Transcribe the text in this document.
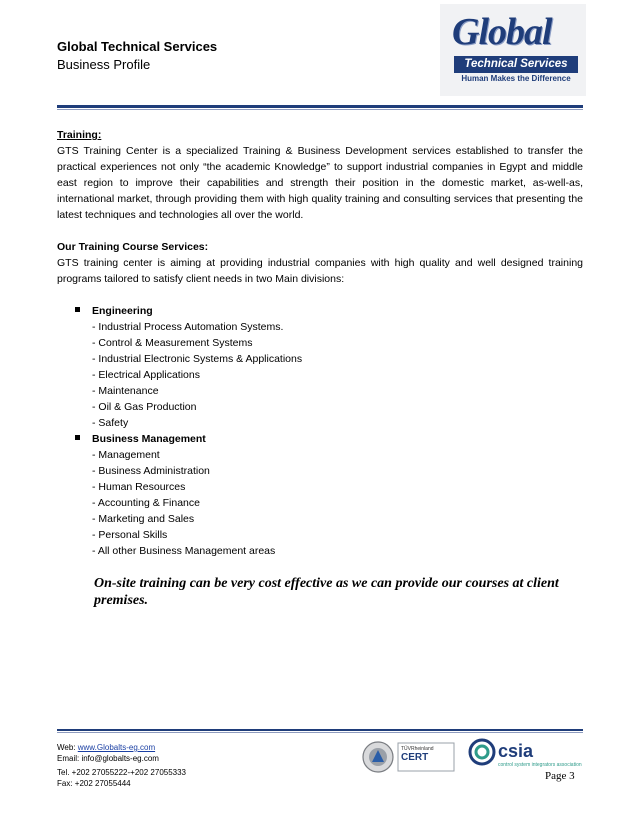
Global Technical Services
Business Profile
Global
Technical Services
Human Makes the Difference
Training:
GTS Training Center is a specialized Training & Business Development services established to transfer the practical experiences not only “the academic Knowledge” to support industrial companies in Egypt and middle east region to improve their capabilities and strength their position in the domestic market, as-well-as, international market, through providing them with high quality training and consulting services that presenting the latest techniques and technologies all over the world.
Our Training Course Services:
GTS training center is aiming at providing industrial companies with high quality and well designed training programs tailored to satisfy client needs in two Main divisions:
Engineering
- Industrial Process Automation Systems.
- Control & Measurement Systems
- Industrial Electronic Systems & Applications
- Electrical Applications
- Maintenance
- Oil & Gas Production
- Safety
Business Management
- Management
- Business Administration
- Human Resources
- Accounting & Finance
- Marketing and Sales
- Personal Skills
- All other Business Management areas
On-site training can be very cost effective as we can provide our courses at client premises.
Web: www.Globalts-eg.com
Email: info@globalts-eg.com
Tel. +202 27055222-+202 27055333
Fax: +202 27055444
TÜVRheinland
CERT	csia
control system integrators association
Page 3
